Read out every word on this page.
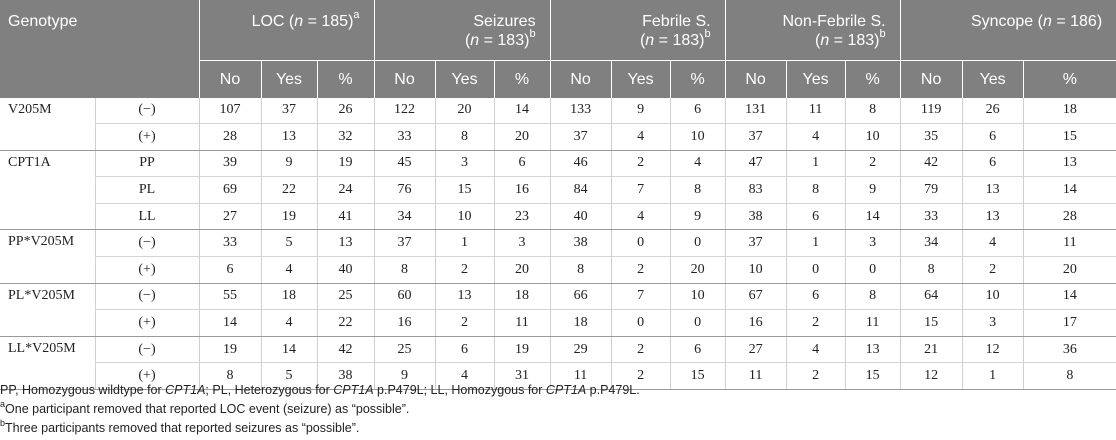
Genotype		LOC (n = 185)$^a$			Seizures
(n = 183)$^b$			Febrile S.
(n = 183)$^b$			Non-Febrile S.
(n = 183)$^b$			Syncope (n = 186)		
		No	Yes	%	No	Yes	%	No	Yes	%	No	Yes	%	No	Yes	%
V205M	(−)	107	37	26	122	20	14	133	9	6	131	11	8	119	26	18
	(+)	28	13	32	33	8	20	37	4	10	37	4	10	35	6	15
CPT1A	PP	39	9	19	45	3	6	46	2	4	47	1	2	42	6	13
	PL	69	22	24	76	15	16	84	7	8	83	8	9	79	13	14
	LL	27	19	41	34	10	23	40	4	9	38	6	14	33	13	28
PP*V205M	(−)	33	5	13	37	1	3	38	0	0	37	1	3	34	4	11
	(+)	6	4	40	8	2	20	8	2	20	10	0	0	8	2	20
PL*V205M	(−)	55	18	25	60	13	18	66	7	10	67	6	8	64	10	14
	(+)	14	4	22	16	2	11	18	0	0	16	2	11	15	3	17
LL*V205M	(−)	19	14	42	25	6	19	29	2	6	27	4	13	21	12	36
	(+)	8	5	38	9	4	31	11	2	15	11	2	15	12	1	8
PP, Homozygous wildtype for CPT1A; PL, Heterozygous for CPT1A p.P479L; LL, Homozygous for CPT1A p.P479L.
$^a$One participant removed that reported LOC event (seizure) as “possible”.
$^b$Three participants removed that reported seizures as “possible”.
